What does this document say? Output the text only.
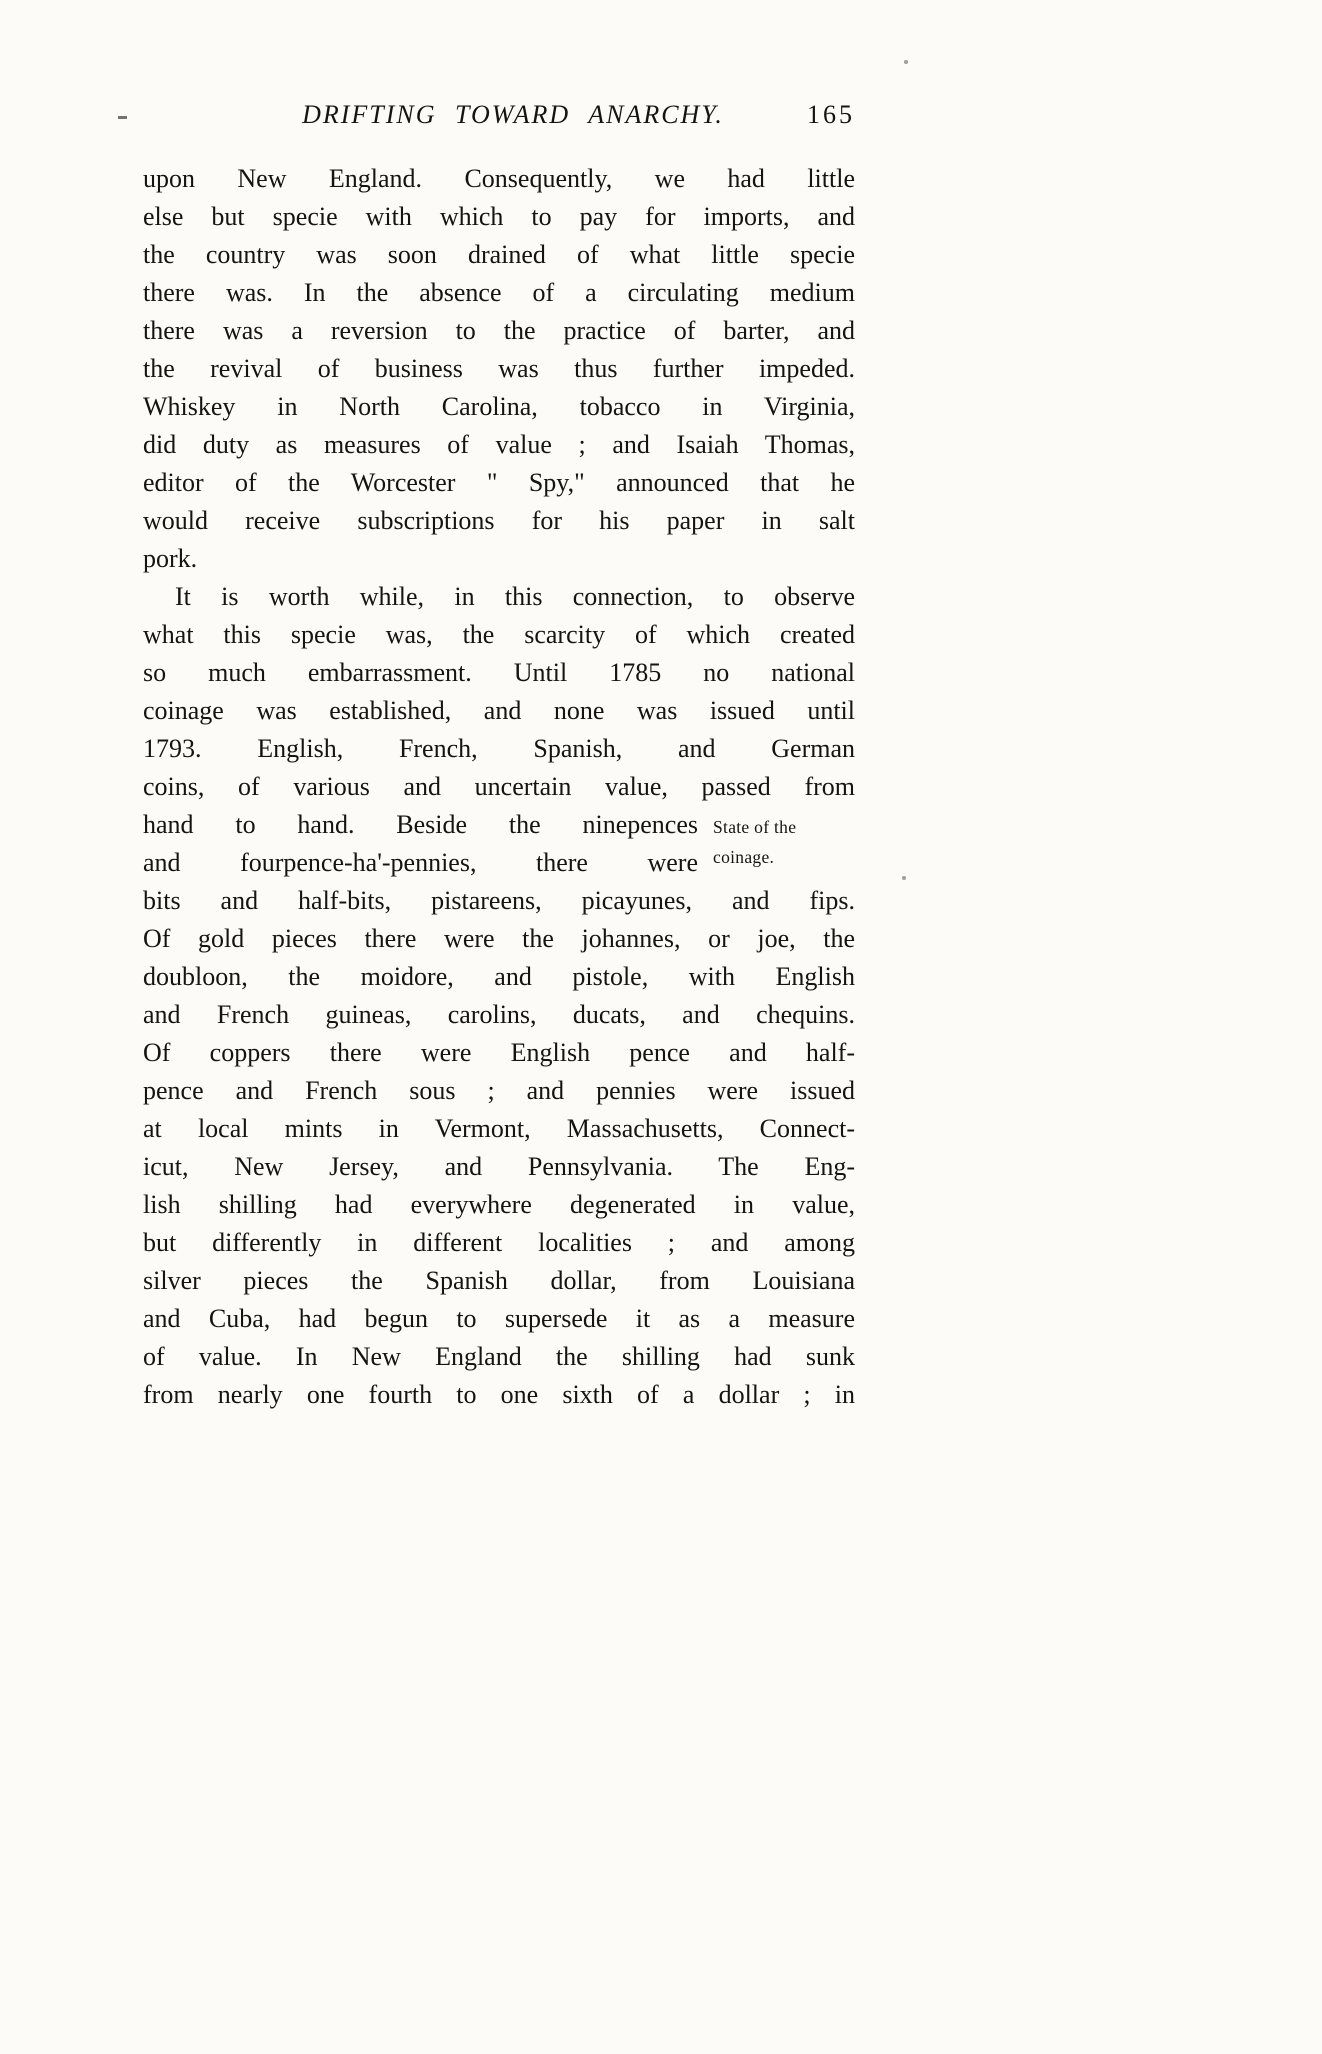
DRIFTING TOWARD ANARCHY.	165
upon New England. Consequently, we had little
else but specie with which to pay for imports, and
the country was soon drained of what little specie
there was. In the absence of a circulating medium
there was a reversion to the practice of barter, and
the revival of business was thus further impeded.
Whiskey in North Carolina, tobacco in Virginia,
did duty as measures of value ; and Isaiah Thomas,
editor of the Worcester " Spy," announced that he
would receive subscriptions for his paper in salt
pork.
It is worth while, in this connection, to observe
what this specie was, the scarcity of which created
so much embarrassment. Until 1785 no national
coinage was established, and none was issued until
1793. English, French, Spanish, and German
coins, of various and uncertain value, passed from
hand to hand. Beside the ninepences
and fourpence-ha'-pennies, there were
bits and half-bits, pistareens, picayunes, and fips.
Of gold pieces there were the johannes, or joe, the
doubloon, the moidore, and pistole, with English
and French guineas, carolins, ducats, and chequins.
Of coppers there were English pence and half-
pence and French sous ; and pennies were issued
at local mints in Vermont, Massachusetts, Connect-
icut, New Jersey, and Pennsylvania. The Eng-
lish shilling had everywhere degenerated in value,
but differently in different localities ; and among
silver pieces the Spanish dollar, from Louisiana
and Cuba, had begun to supersede it as a measure
of value. In New England the shilling had sunk
from nearly one fourth to one sixth of a dollar ; in
State of the
coinage.
